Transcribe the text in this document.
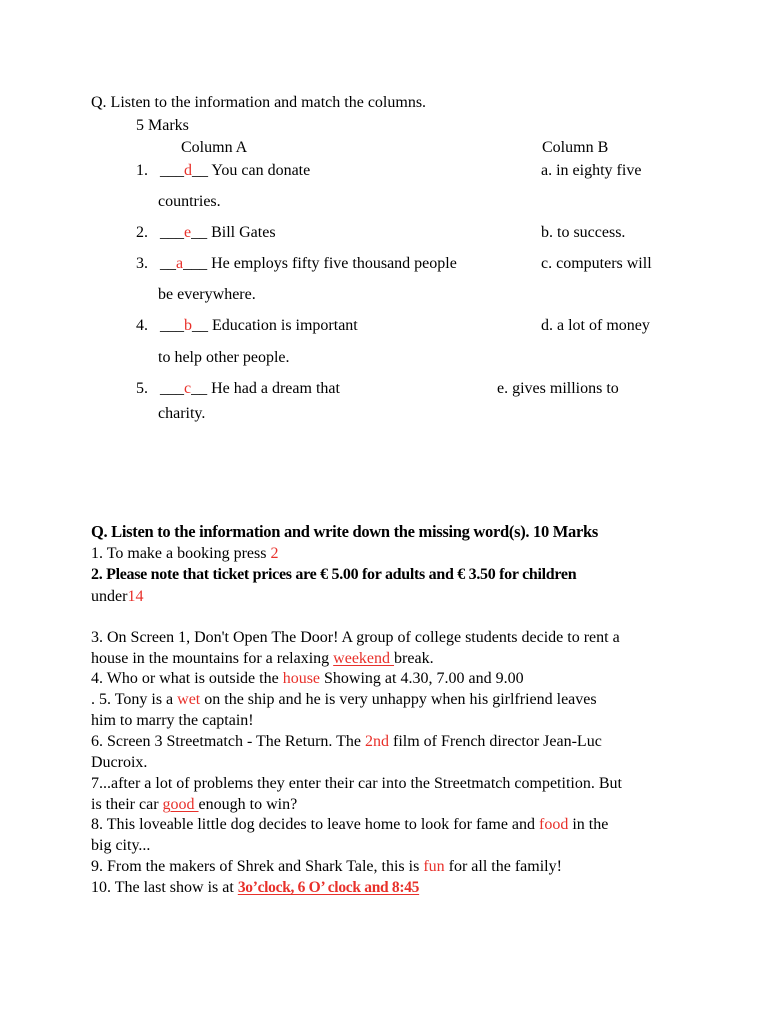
Q. Listen to the information and match the columns.
5 Marks
Column A	Column B
1. ___d__ You can donate	a. in eighty five
countries.
2. ___e__ Bill Gates	b. to success.
3. __a___ He employs fifty five thousand people	c. computers will
be everywhere.
4. ___b__ Education is important	d. a lot of money
to help other people.
5. ___c__ He had a dream that	e. gives millions to
charity.
Q. Listen to the information and write down the missing word(s). 10 Marks
1. To make a booking press 2
2. Please note that ticket prices are € 5.00 for adults and € 3.50 for children
under14
3. On Screen 1, Don't Open The Door! A group of college students decide to rent a
house in the mountains for a relaxing weekend break.
4. Who or what is outside the house Showing at 4.30, 7.00 and 9.00
. 5. Tony is a wet on the ship and he is very unhappy when his girlfriend leaves
him to marry the captain!
6. Screen 3 Streetmatch - The Return. The 2nd film of French director Jean-Luc
Ducroix.
7...after a lot of problems they enter their car into the Streetmatch competition. But
is their car good enough to win?
8. This loveable little dog decides to leave home to look for fame and food in the
big city...
9. From the makers of Shrek and Shark Tale, this is fun for all the family!
10. The last show is at 3o’clock, 6 O’ clock and 8:45
